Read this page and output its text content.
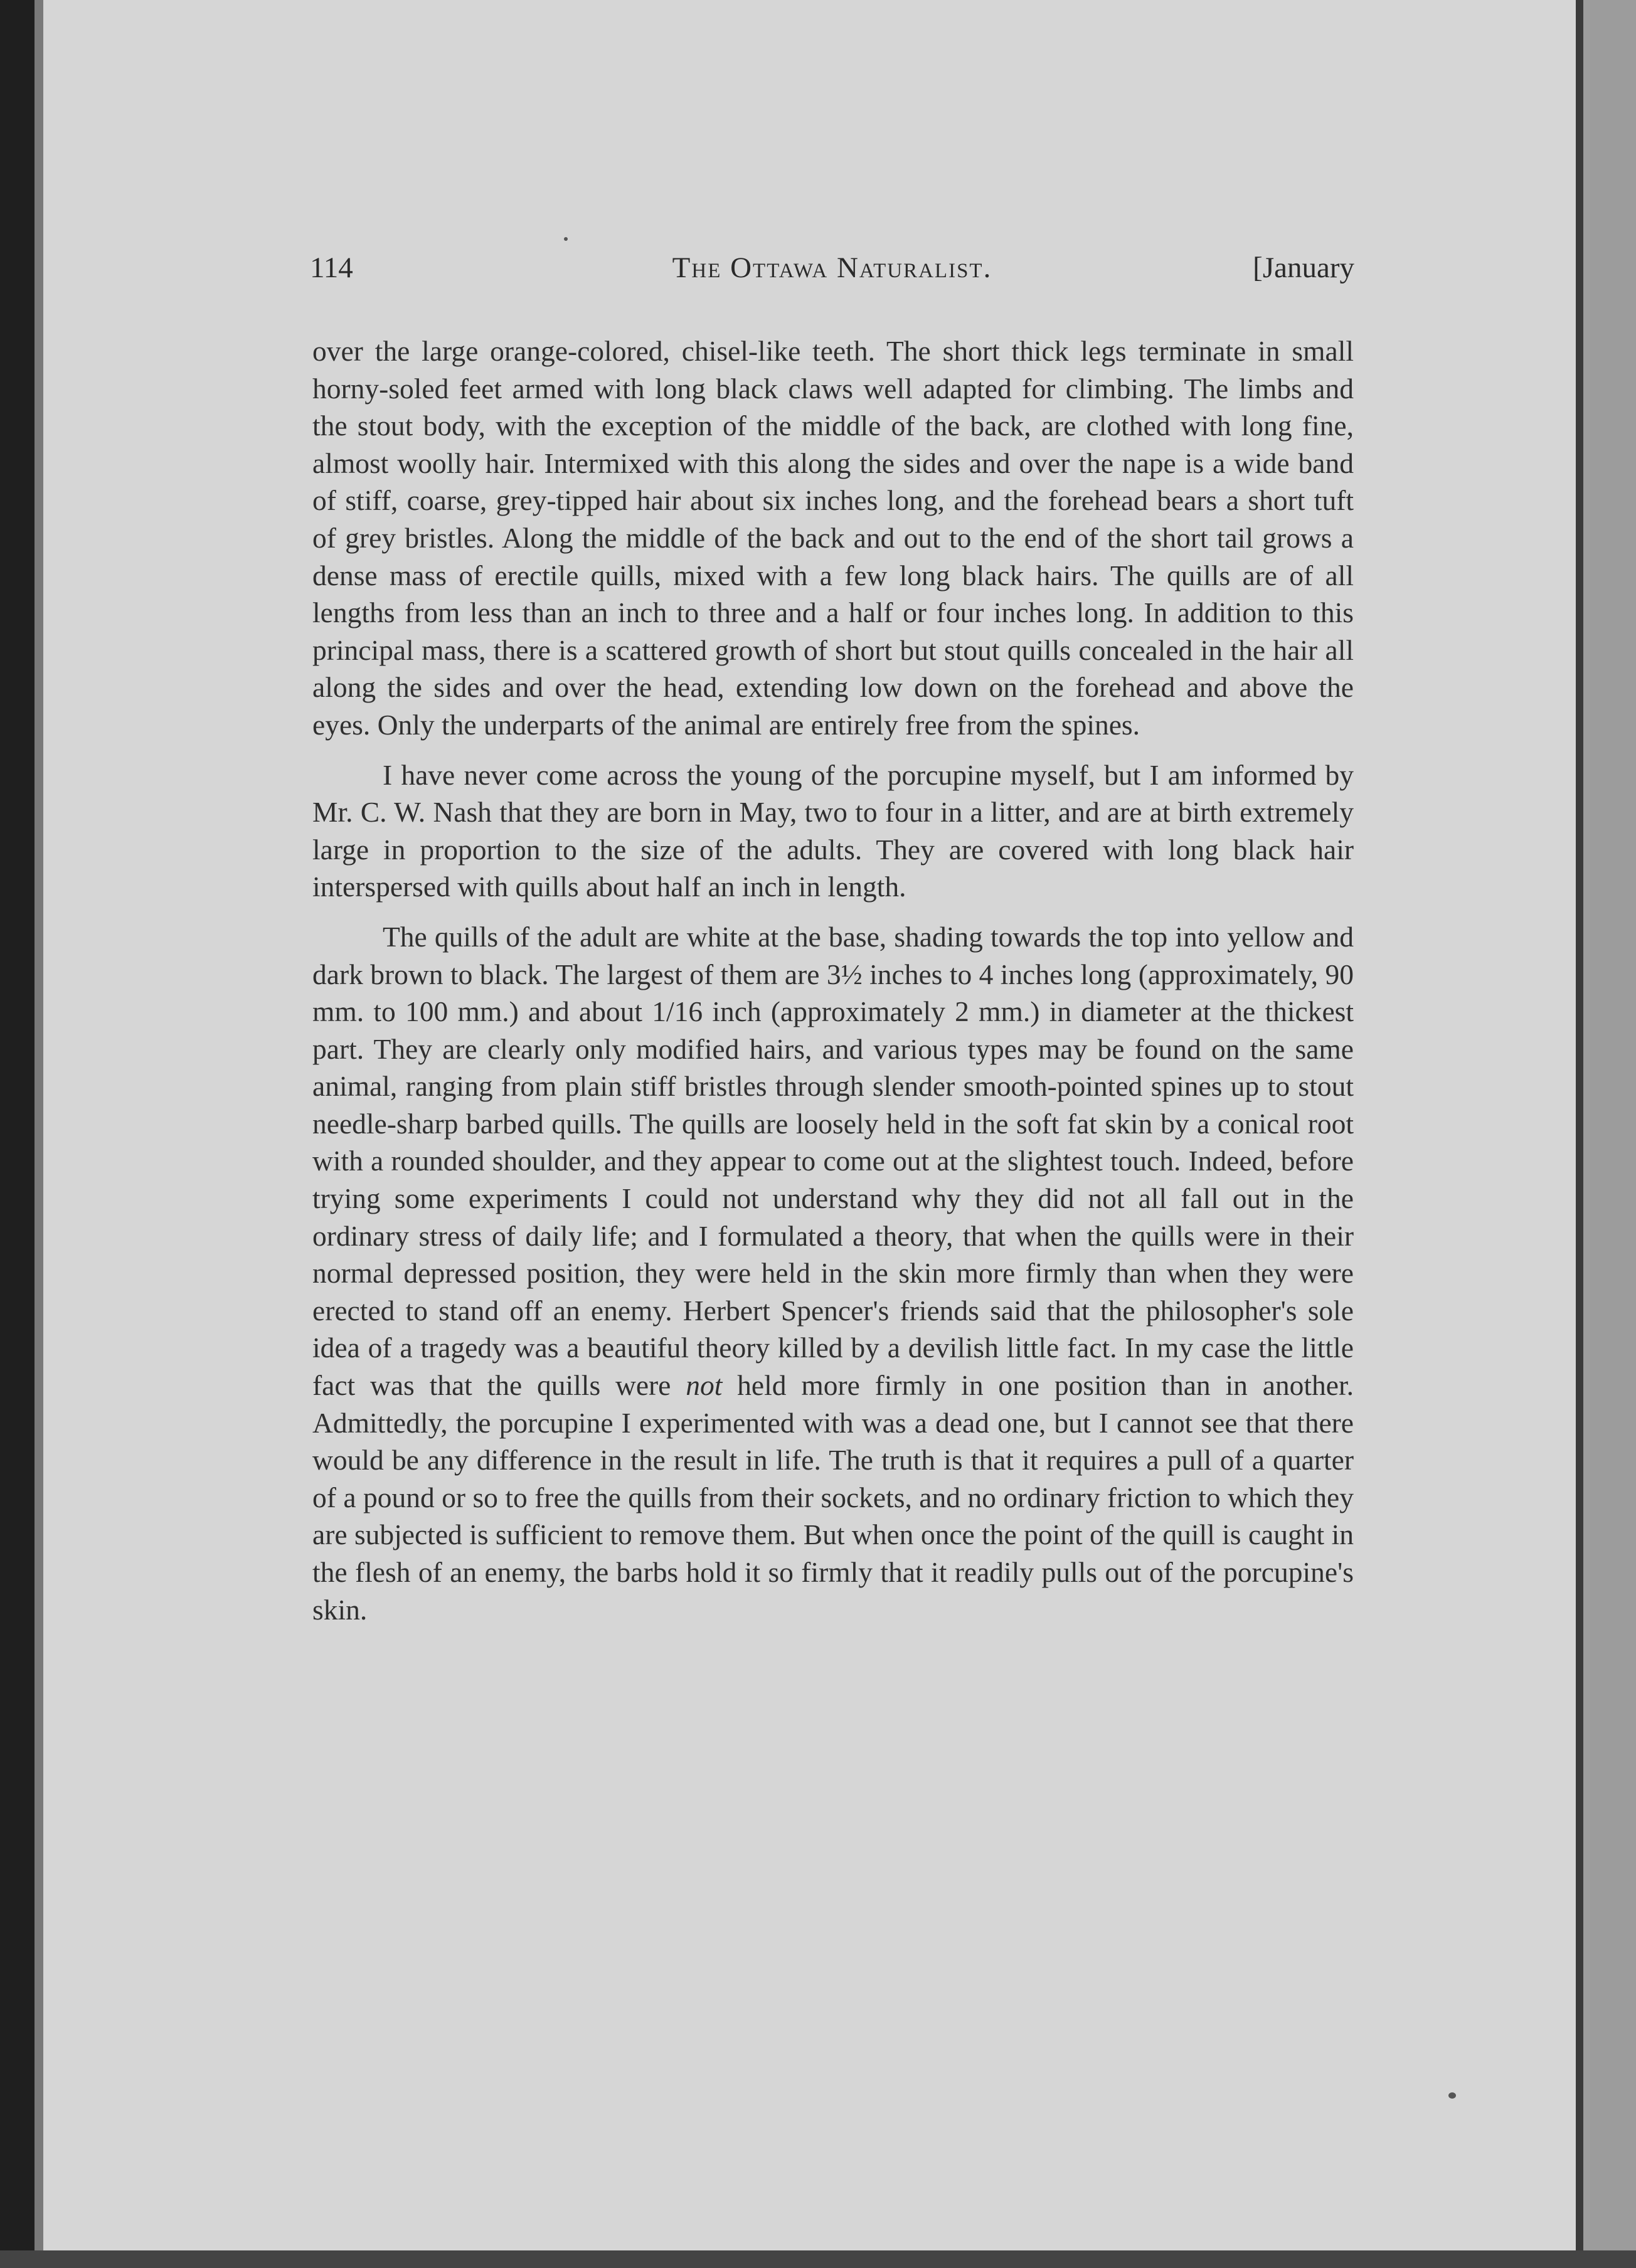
114	The Ottawa Naturalist.	[January

over the large orange-colored, chisel-like teeth. The short thick legs terminate in small horny-soled feet armed with long black claws well adapted for climbing. The limbs and the stout body, with the exception of the middle of the back, are clothed with long fine, almost woolly hair. Intermixed with this along the sides and over the nape is a wide band of stiff, coarse, grey-tipped hair about six inches long, and the forehead bears a short tuft of grey bristles. Along the middle of the back and out to the end of the short tail grows a dense mass of erectile quills, mixed with a few long black hairs. The quills are of all lengths from less than an inch to three and a half or four inches long. In addition to this principal mass, there is a scattered growth of short but stout quills concealed in the hair all along the sides and over the head, extending low down on the forehead and above the eyes. Only the underparts of the animal are entirely free from the spines.

I have never come across the young of the porcupine myself, but I am informed by Mr. C. W. Nash that they are born in May, two to four in a litter, and are at birth extremely large in proportion to the size of the adults. They are covered with long black hair interspersed with quills about half an inch in length.

The quills of the adult are white at the base, shading towards the top into yellow and dark brown to black. The largest of them are 3½ inches to 4 inches long (approximately, 90 mm. to 100 mm.) and about 1/16 inch (approximately 2 mm.) in diameter at the thickest part. They are clearly only modified hairs, and various types may be found on the same animal, ranging from plain stiff bristles through slender smooth-pointed spines up to stout needle-sharp barbed quills. The quills are loosely held in the soft fat skin by a conical root with a rounded shoulder, and they appear to come out at the slightest touch. Indeed, before trying some experiments I could not understand why they did not all fall out in the ordinary stress of daily life; and I formulated a theory, that when the quills were in their normal depressed position, they were held in the skin more firmly than when they were erected to stand off an enemy. Herbert Spencer's friends said that the philosopher's sole idea of a tragedy was a beautiful theory killed by a devilish little fact. In my case the little fact was that the quills were not held more firmly in one position than in another. Admittedly, the porcupine I experimented with was a dead one, but I cannot see that there would be any difference in the result in life. The truth is that it requires a pull of a quarter of a pound or so to free the quills from their sockets, and no ordinary friction to which they are subjected is sufficient to remove them. But when once the point of the quill is caught in the flesh of an enemy, the barbs hold it so firmly that it readily pulls out of the porcupine's skin.
